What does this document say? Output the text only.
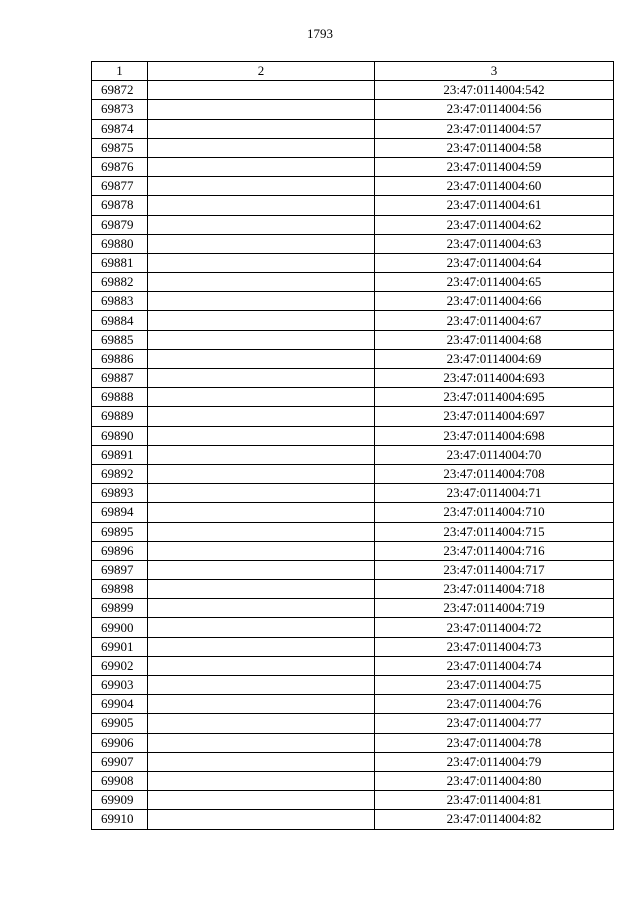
1793
1	2	3
69872		23:47:0114004:542
69873		23:47:0114004:56
69874		23:47:0114004:57
69875		23:47:0114004:58
69876		23:47:0114004:59
69877		23:47:0114004:60
69878		23:47:0114004:61
69879		23:47:0114004:62
69880		23:47:0114004:63
69881		23:47:0114004:64
69882		23:47:0114004:65
69883		23:47:0114004:66
69884		23:47:0114004:67
69885		23:47:0114004:68
69886		23:47:0114004:69
69887		23:47:0114004:693
69888		23:47:0114004:695
69889		23:47:0114004:697
69890		23:47:0114004:698
69891		23:47:0114004:70
69892		23:47:0114004:708
69893		23:47:0114004:71
69894		23:47:0114004:710
69895		23:47:0114004:715
69896		23:47:0114004:716
69897		23:47:0114004:717
69898		23:47:0114004:718
69899		23:47:0114004:719
69900		23:47:0114004:72
69901		23:47:0114004:73
69902		23:47:0114004:74
69903		23:47:0114004:75
69904		23:47:0114004:76
69905		23:47:0114004:77
69906		23:47:0114004:78
69907		23:47:0114004:79
69908		23:47:0114004:80
69909		23:47:0114004:81
69910		23:47:0114004:82
